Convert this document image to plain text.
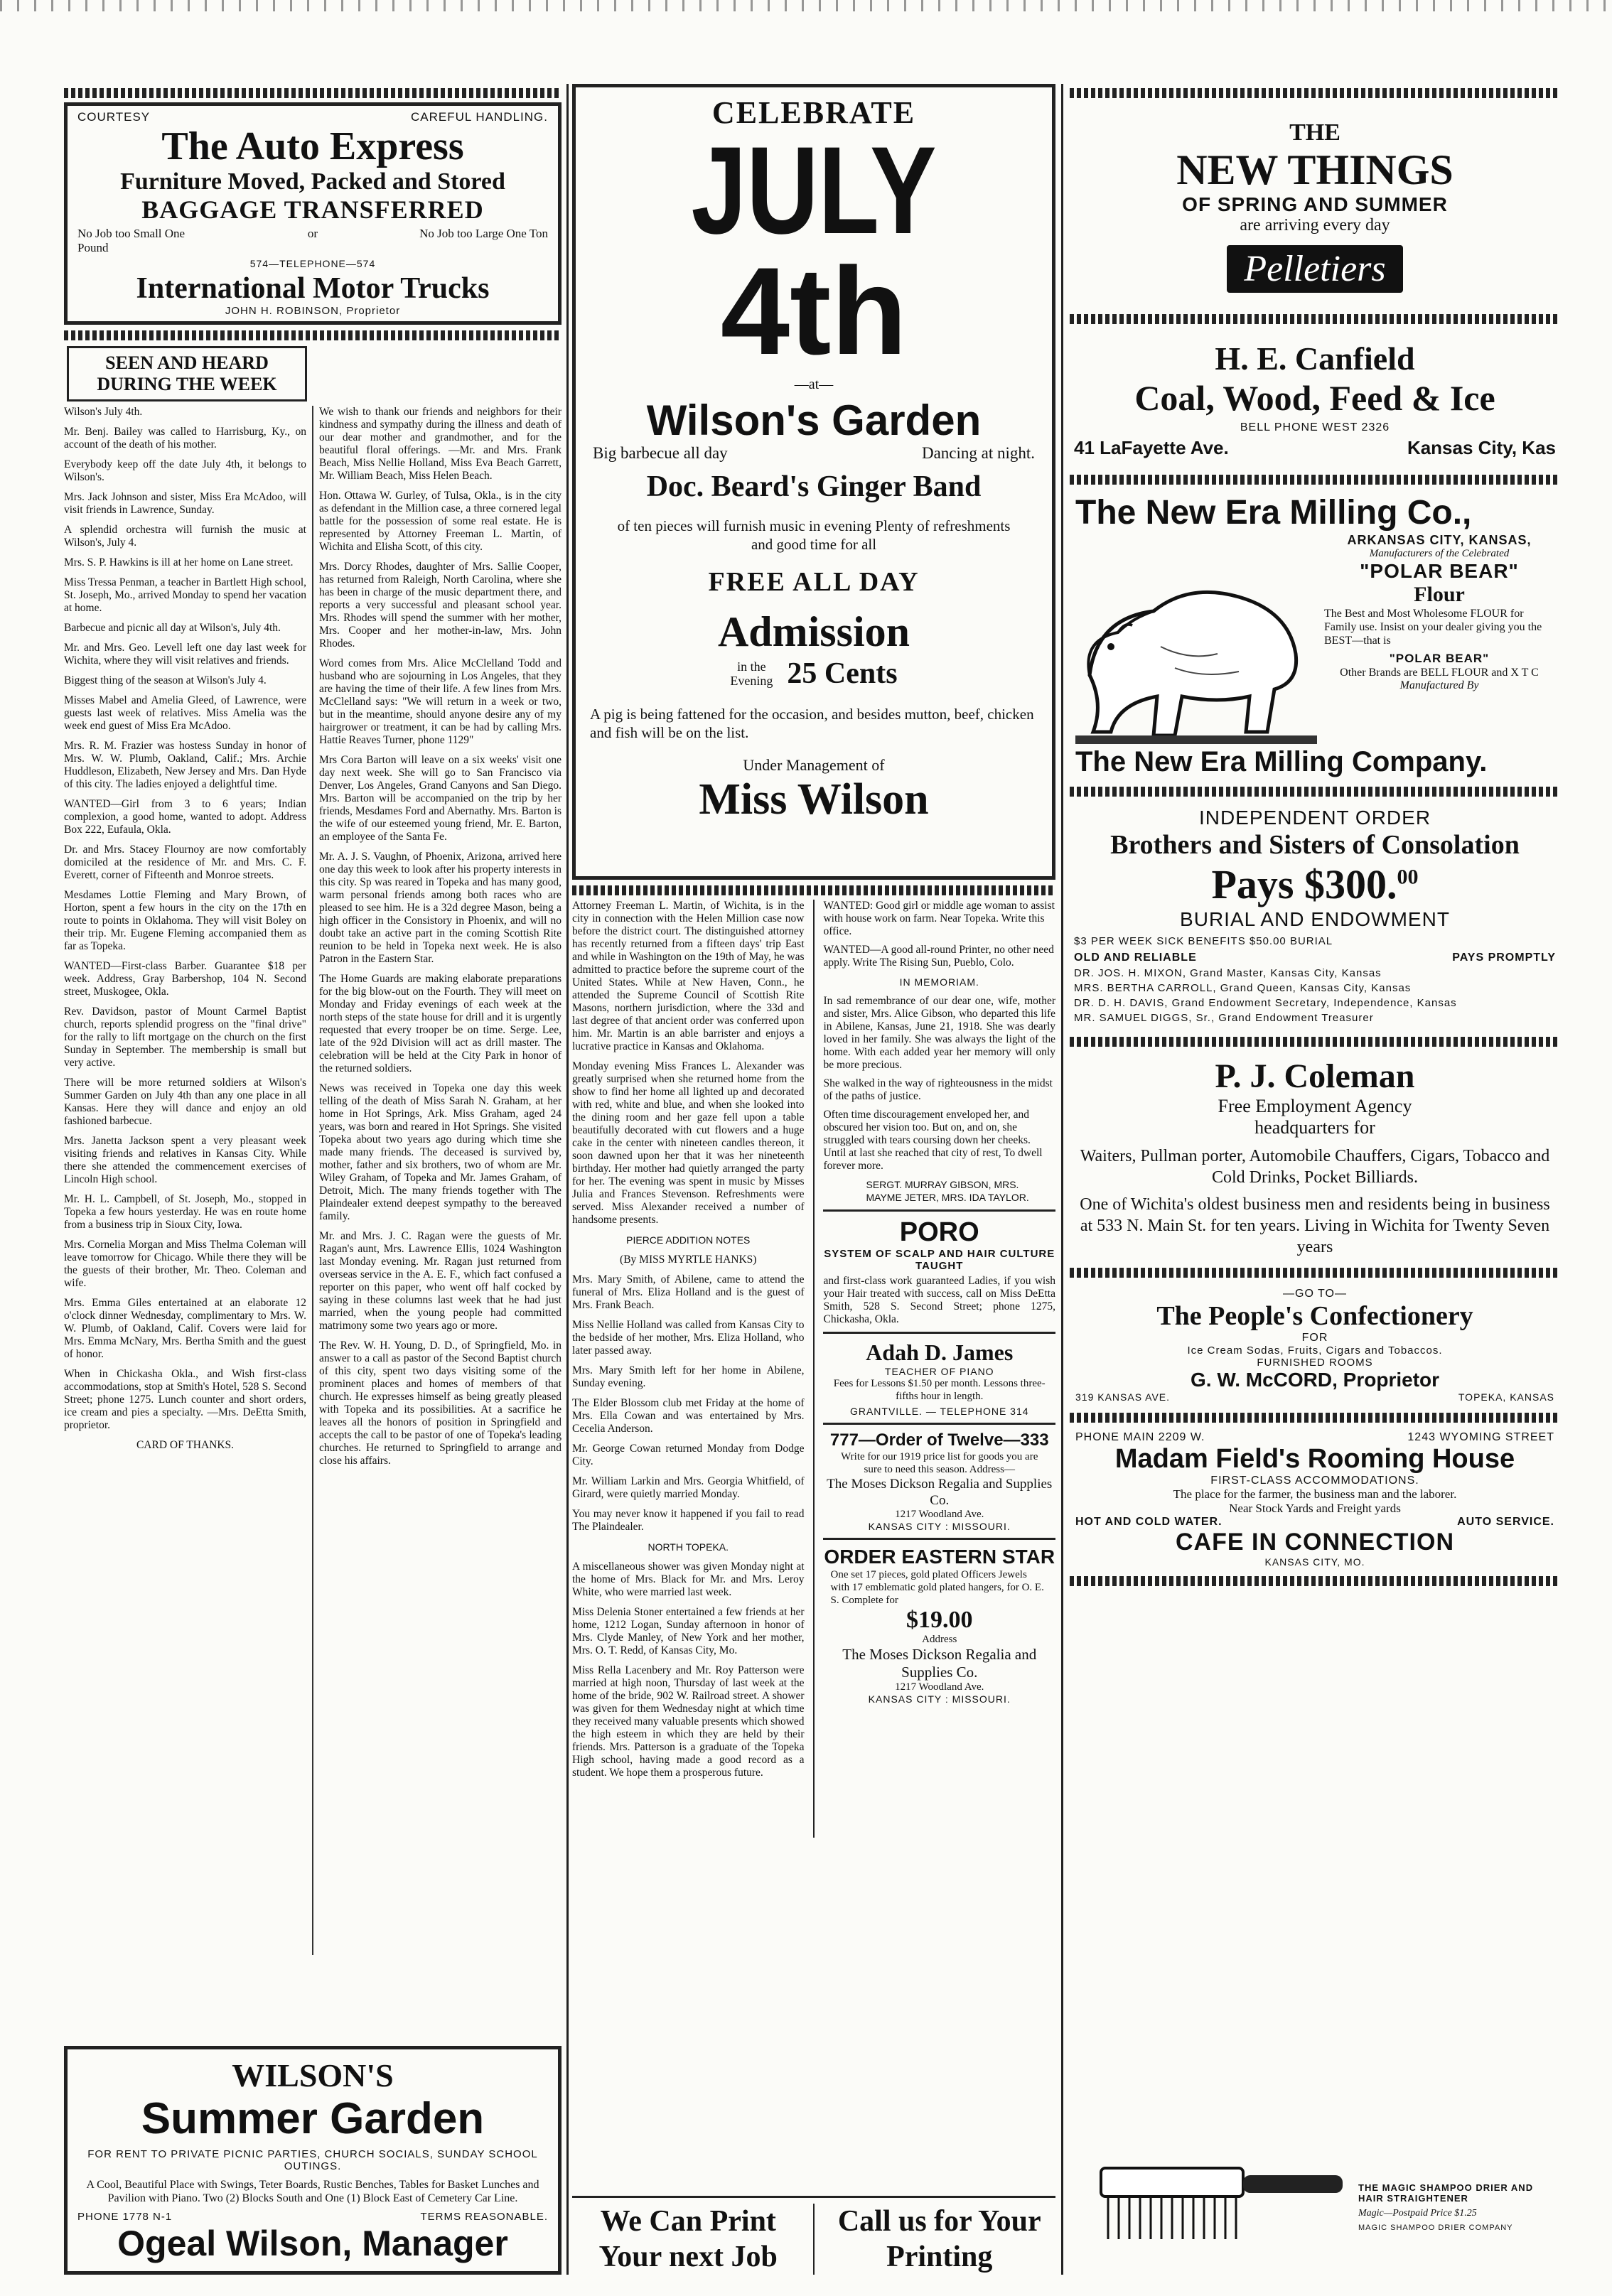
COURTESY	CAREFUL HANDLING.
The Auto Express
Furniture Moved, Packed and Stored
BAGGAGE TRANSFERRED
No Job too Small One Pound
or	No Job too Large One Ton
574—TELEPHONE—574
International Motor Trucks
JOHN H. ROBINSON, Proprietor
SEEN AND HEARD
DURING THE WEEK

Wilson's July 4th.

Mr. Benj. Bailey was called to Harrisburg, Ky., on account of the death of his mother.

Everybody keep off the date July 4th, it belongs to Wilson's.

Mrs. Jack Johnson and sister, Miss Era McAdoo, will visit friends in Lawrence, Sunday.

A splendid orchestra will furnish the music at Wilson's, July 4.

Mrs. S. P. Hawkins is ill at her home on Lane street.

Miss Tressa Penman, a teacher in Bartlett High school, St. Joseph, Mo., arrived Monday to spend her vacation at home.

Barbecue and picnic all day at Wilson's, July 4th.

Mr. and Mrs. Geo. Levell left one day last week for Wichita, where they will visit relatives and friends.

Biggest thing of the season at Wilson's July 4.

Misses Mabel and Amelia Gleed, of Lawrence, were guests last week of relatives. Miss Amelia was the week end guest of Miss Era McAdoo.

Mrs. R. M. Frazier was hostess Sunday in honor of Mrs. W. W. Plumb, Oakland, Calif.; Mrs. Archie Huddleson, Elizabeth, New Jersey and Mrs. Dan Hyde of this city. The ladies enjoyed a delightful time.

WANTED—Girl from 3 to 6 years; Indian complexion, a good home, wanted to adopt. Address Box 222, Eufaula, Okla.

Dr. and Mrs. Stacey Flournoy are now comfortably domiciled at the residence of Mr. and Mrs. C. F. Everett, corner of Fifteenth and Monroe streets.

Mesdames Lottie Fleming and Mary Brown, of Horton, spent a few hours in the city on the 17th en route to points in Oklahoma. They will visit Boley on their trip. Mr. Eugene Fleming accompanied them as far as Topeka.

WANTED—First-class Barber. Guarantee $18 per week. Address, Gray Barbershop, 104 N. Second street, Muskogee, Okla.

Rev. Davidson, pastor of Mount Carmel Baptist church, reports splendid progress on the "final drive" for the rally to lift mortgage on the church on the first Sunday in September. The membership is small but very active.

There will be more returned soldiers at Wilson's Summer Garden on July 4th than any one place in all Kansas. Here they will dance and enjoy an old fashioned barbecue.

Mrs. Janetta Jackson spent a very pleasant week visiting friends and relatives in Kansas City. While there she attended the commencement exercises of Lincoln High school.

Mr. H. L. Campbell, of St. Joseph, Mo., stopped in Topeka a few hours yesterday. He was en route home from a business trip in Sioux City, Iowa.

Mrs. Cornelia Morgan and Miss Thelma Coleman will leave tomorrow for Chicago. While there they will be the guests of their brother, Mr. Theo. Coleman and wife.

Mrs. Emma Giles entertained at an elaborate 12 o'clock dinner Wednesday, complimentary to Mrs. W. W. Plumb, of Oakland, Calif. Covers were laid for Mrs. Emma McNary, Mrs. Bertha Smith and the guest of honor.

When in Chickasha Okla., and Wish first-class accommodations, stop at Smith's Hotel, 528 S. Second Street; phone 1275. Lunch counter and short orders, ice cream and pies a specialty. —Mrs. DeEtta Smith, proprietor.

CARD OF THANKS.

We wish to thank our friends and neighbors for their kindness and sympathy during the illness and death of our dear mother and grandmother, and for the beautiful floral offerings. —Mr. and Mrs. Frank Beach, Miss Nellie Holland, Miss Eva Beach Garrett, Mr. William Beach, Miss Helen Beach.

Hon. Ottawa W. Gurley, of Tulsa, Okla., is in the city as defendant in the Million case, a three cornered legal battle for the possession of some real estate. He is represented by Attorney Freeman L. Martin, of Wichita and Elisha Scott, of this city.

Mrs. Dorcy Rhodes, daughter of Mrs. Sallie Cooper, has returned from Raleigh, North Carolina, where she has been in charge of the music department there, and reports a very successful and pleasant school year. Mrs. Rhodes will spend the summer with her mother, Mrs. Cooper and her mother-in-law, Mrs. John Rhodes.

Word comes from Mrs. Alice McClelland Todd and husband who are sojourning in Los Angeles, that they are having the time of their life. A few lines from Mrs. McClelland says: "We will return in a week or two, but in the meantime, should anyone desire any of my hairgrower or treatment, it can be had by calling Mrs. Hattie Reaves Turner, phone 1129"

Mrs Cora Barton will leave on a six weeks' visit one day next week. She will go to San Francisco via Denver, Los Angeles, Grand Canyons and San Diego. Mrs. Barton will be accompanied on the trip by her friends, Mesdames Ford and Abernathy. Mrs. Barton is the wife of our esteemed young friend, Mr. E. Barton, an employee of the Santa Fe.

Mr. A. J. S. Vaughn, of Phoenix, Arizona, arrived here one day this week to look after his property interests in this city. Sp was reared in Topeka and has many good, warm personal friends among both races who are pleased to see him. He is a 32d degree Mason, being a high officer in the Consistory in Phoenix, and will no doubt take an active part in the coming Scottish Rite reunion to be held in Topeka next week. He is also Patron in the Eastern Star.

The Home Guards are making elaborate preparations for the big blow-out on the Fourth. They will meet on Monday and Friday evenings of each week at the north steps of the state house for drill and it is urgently requested that every trooper be on time. Serge. Lee, late of the 92d Division will act as drill master. The celebration will be held at the City Park in honor of the returned soldiers.

News was received in Topeka one day this week telling of the death of Miss Sarah N. Graham, at her home in Hot Springs, Ark. Miss Graham, aged 24 years, was born and reared in Hot Springs. She visited Topeka about two years ago during which time she made many friends. The deceased is survived by, mother, father and six brothers, two of whom are Mr. Wiley Graham, of Topeka and Mr. James Graham, of Detroit, Mich. The many friends together with The Plaindealer extend deepest sympathy to the bereaved family.

Mr. and Mrs. J. C. Ragan were the guests of Mr. Ragan's aunt, Mrs. Lawrence Ellis, 1024 Washington last Monday evening. Mr. Ragan just returned from overseas service in the A. E. F., which fact confused a reporter on this paper, who went off half cocked by saying in these columns last week that he had just married, when the young people had committed matrimony some two years ago or more.

The Rev. W. H. Young, D. D., of Springfield, Mo. in answer to a call as pastor of the Second Baptist church of this city, spent two days visiting some of the prominent places and homes of members of that church. He expresses himself as being greatly pleased with Topeka and its possibilities. At a sacrifice he leaves all the honors of position in Springfield and accepts the call to be pastor of one of Topeka's leading churches. He returned to Springfield to arrange and close his affairs.

WILSON'S
Summer Garden
FOR RENT TO PRIVATE PICNIC PARTIES, CHURCH SOCIALS, SUNDAY SCHOOL OUTINGS.
A Cool, Beautiful Place with Swings, Teter Boards, Rustic Benches, Tables for Basket Lunches and Pavilion with Piano. Two (2) Blocks South and One (1) Block East of Cemetery Car Line.
PHONE 1778 N-1	TERMS REASONABLE.
Ogeal Wilson, Manager
CELEBRATE
JULY
4th
—at—
Wilson's Garden
Big barbecue all day	Dancing at night.
Doc. Beard's Ginger Band
of ten pieces will furnish music in evening Plenty of refreshments and good time for all
FREE ALL DAY
Admission
in the
Evening 25 Cents
A pig is being fattened for the occasion, and besides mutton, beef, chicken and fish will be on the list.
Under Management of
Miss Wilson

Attorney Freeman L. Martin, of Wichita, is in the city in connection with the Helen Million case now before the district court. The distinguished attorney has recently returned from a fifteen days' trip East and while in Washington on the 19th of May, he was admitted to practice before the supreme court of the United States. While at New Haven, Conn., he attended the Supreme Council of Scottish Rite Masons, northern jurisdiction, where the 33d and last degree of that ancient order was conferred upon him. Mr. Martin is an able barrister and enjoys a lucrative practice in Kansas and Oklahoma.

Monday evening Miss Frances L. Alexander was greatly surprised when she returned home from the show to find her home all lighted up and decorated with red, white and blue, and when she looked into the dining room and her gaze fell upon a table beautifully decorated with cut flowers and a huge cake in the center with nineteen candles thereon, it soon dawned upon her that it was her nineteenth birthday. Her mother had quietly arranged the party for her. The evening was spent in music by Misses Julia and Frances Stevenson. Refreshments were served. Miss Alexander received a number of handsome presents.

PIERCE ADDITION NOTES

(By MISS MYRTLE HANKS)

Mrs. Mary Smith, of Abilene, came to attend the funeral of Mrs. Eliza Holland and is the guest of Mrs. Frank Beach.

Miss Nellie Holland was called from Kansas City to the bedside of her mother, Mrs. Eliza Holland, who later passed away.

Mrs. Mary Smith left for her home in Abilene, Sunday evening.

The Elder Blossom club met Friday at the home of Mrs. Ella Cowan and was entertained by Mrs. Cecelia Anderson.

Mr. George Cowan returned Monday from Dodge City.

Mr. William Larkin and Mrs. Georgia Whitfield, of Girard, were quietly married Monday.

You may never know it happened if you fail to read The Plaindealer.

NORTH TOPEKA.

A miscellaneous shower was given Monday night at the home of Mrs. Black for Mr. and Mrs. Leroy White, who were married last week.

Miss Delenia Stoner entertained a few friends at her home, 1212 Logan, Sunday afternoon in honor of Mrs. Clyde Manley, of New York and her mother, Mrs. O. T. Redd, of Kansas City, Mo.

Miss Rella Lacenbery and Mr. Roy Patterson were married at high noon, Thursday of last week at the home of the bride, 902 W. Railroad street. A shower was given for them Wednesday night at which time they received many valuable presents which showed the high esteem in which they are held by their friends. Mrs. Patterson is a graduate of the Topeka High school, having made a good record as a student. We hope them a prosperous future.

WANTED: Good girl or middle age woman to assist with house work on farm. Near Topeka. Write this office.

WANTED—A good all-round Printer, no other need apply. Write The Rising Sun, Pueblo, Colo.

IN MEMORIAM.

In sad remembrance of our dear one, wife, mother and sister, Mrs. Alice Gibson, who departed this life in Abilene, Kansas, June 21, 1918. She was dearly loved in her family. She was always the light of the home. With each added year her memory will only be more precious.

She walked in the way of righteousness in the midst of the paths of justice.

Often time discouragement enveloped her, and obscured her vision too. But on, and on, she struggled with tears coursing down her cheeks. Until at last she reached that city of rest, To dwell forever more.

SERGT. MURRAY GIBSON, MRS. MAYME JETER, MRS. IDA TAYLOR.

PORO
SYSTEM OF SCALP AND HAIR CULTURE TAUGHT

and first-class work guaranteed Ladies, if you wish your Hair treated with success, call on Miss DeEtta Smith, 528 S. Second Street; phone 1275, Chickasha, Okla.

Adah D. James
TEACHER OF PIANO
Fees for Lessons $1.50 per month. Lessons three-fifths hour in length.
GRANTVILLE. — TELEPHONE 314
777—Order of Twelve—333
Write for our 1919 price list for goods you are sure to need this season. Address—
The Moses Dickson Regalia and Supplies Co.
1217 Woodland Ave.
KANSAS CITY : MISSOURI.
ORDER EASTERN STAR
One set 17 pieces, gold plated Officers Jewels with 17 emblematic gold plated hangers, for O. E. S. Complete for
$19.00
Address
The Moses Dickson Regalia and Supplies Co.
1217 Woodland Ave.
KANSAS CITY : MISSOURI.
We Can Print Your next Job
Call us for Your Printing
THE
NEW THINGS
OF SPRING AND SUMMER
are arriving every day
Pelletiers
H. E. Canfield
Coal, Wood, Feed & Ice
BELL PHONE WEST 2326
41 LaFayette Ave.	Kansas City, Kas
The New Era Milling Co.,
ARKANSAS CITY, KANSAS,
Manufacturers of the Celebrated
"POLAR BEAR"
Flour
The Best and Most Wholesome FLOUR for Family use. Insist on your dealer giving you the BEST—that is
"POLAR BEAR"
Other Brands are BELL FLOUR and X T C
Manufactured By
The New Era Milling Company.
INDEPENDENT ORDER
Brothers and Sisters of Consolation
Pays $300.00
BURIAL AND ENDOWMENT
$3 PER WEEK SICK BENEFITS $50.00 BURIAL
OLD AND RELIABLE	PAYS PROMPTLY
DR. JOS. H. MIXON, Grand Master, Kansas City, Kansas
MRS. BERTHA CARROLL, Grand Queen, Kansas City, Kansas
DR. D. H. DAVIS, Grand Endowment Secretary, Independence, Kansas
MR. SAMUEL DIGGS, Sr., Grand Endowment Treasurer
P. J. Coleman
Free Employment Agency
headquarters for
Waiters, Pullman porter, Automobile Chauffers, Cigars, Tobacco and Cold Drinks, Pocket Billiards.
One of Wichita's oldest business men and residents being in business at 533 N. Main St. for ten years. Living in Wichita for Twenty Seven years
—GO TO—
The People's Confectionery
FOR
Ice Cream Sodas, Fruits, Cigars and Tobaccos.
FURNISHED ROOMS
G. W. McCORD, Proprietor
319 KANSAS AVE.	TOPEKA, KANSAS
PHONE MAIN 2209 W.	1243 WYOMING STREET
Madam Field's Rooming House
FIRST-CLASS ACCOMMODATIONS.
The place for the farmer, the business man and the laborer.
Near Stock Yards and Freight yards
HOT AND COLD WATER.	AUTO SERVICE.
CAFE IN CONNECTION
KANSAS CITY, MO.
THE MAGIC SHAMPOO DRIER AND HAIR STRAIGHTENER
Magic—Postpaid Price $1.25
MAGIC SHAMPOO DRIER COMPANY
